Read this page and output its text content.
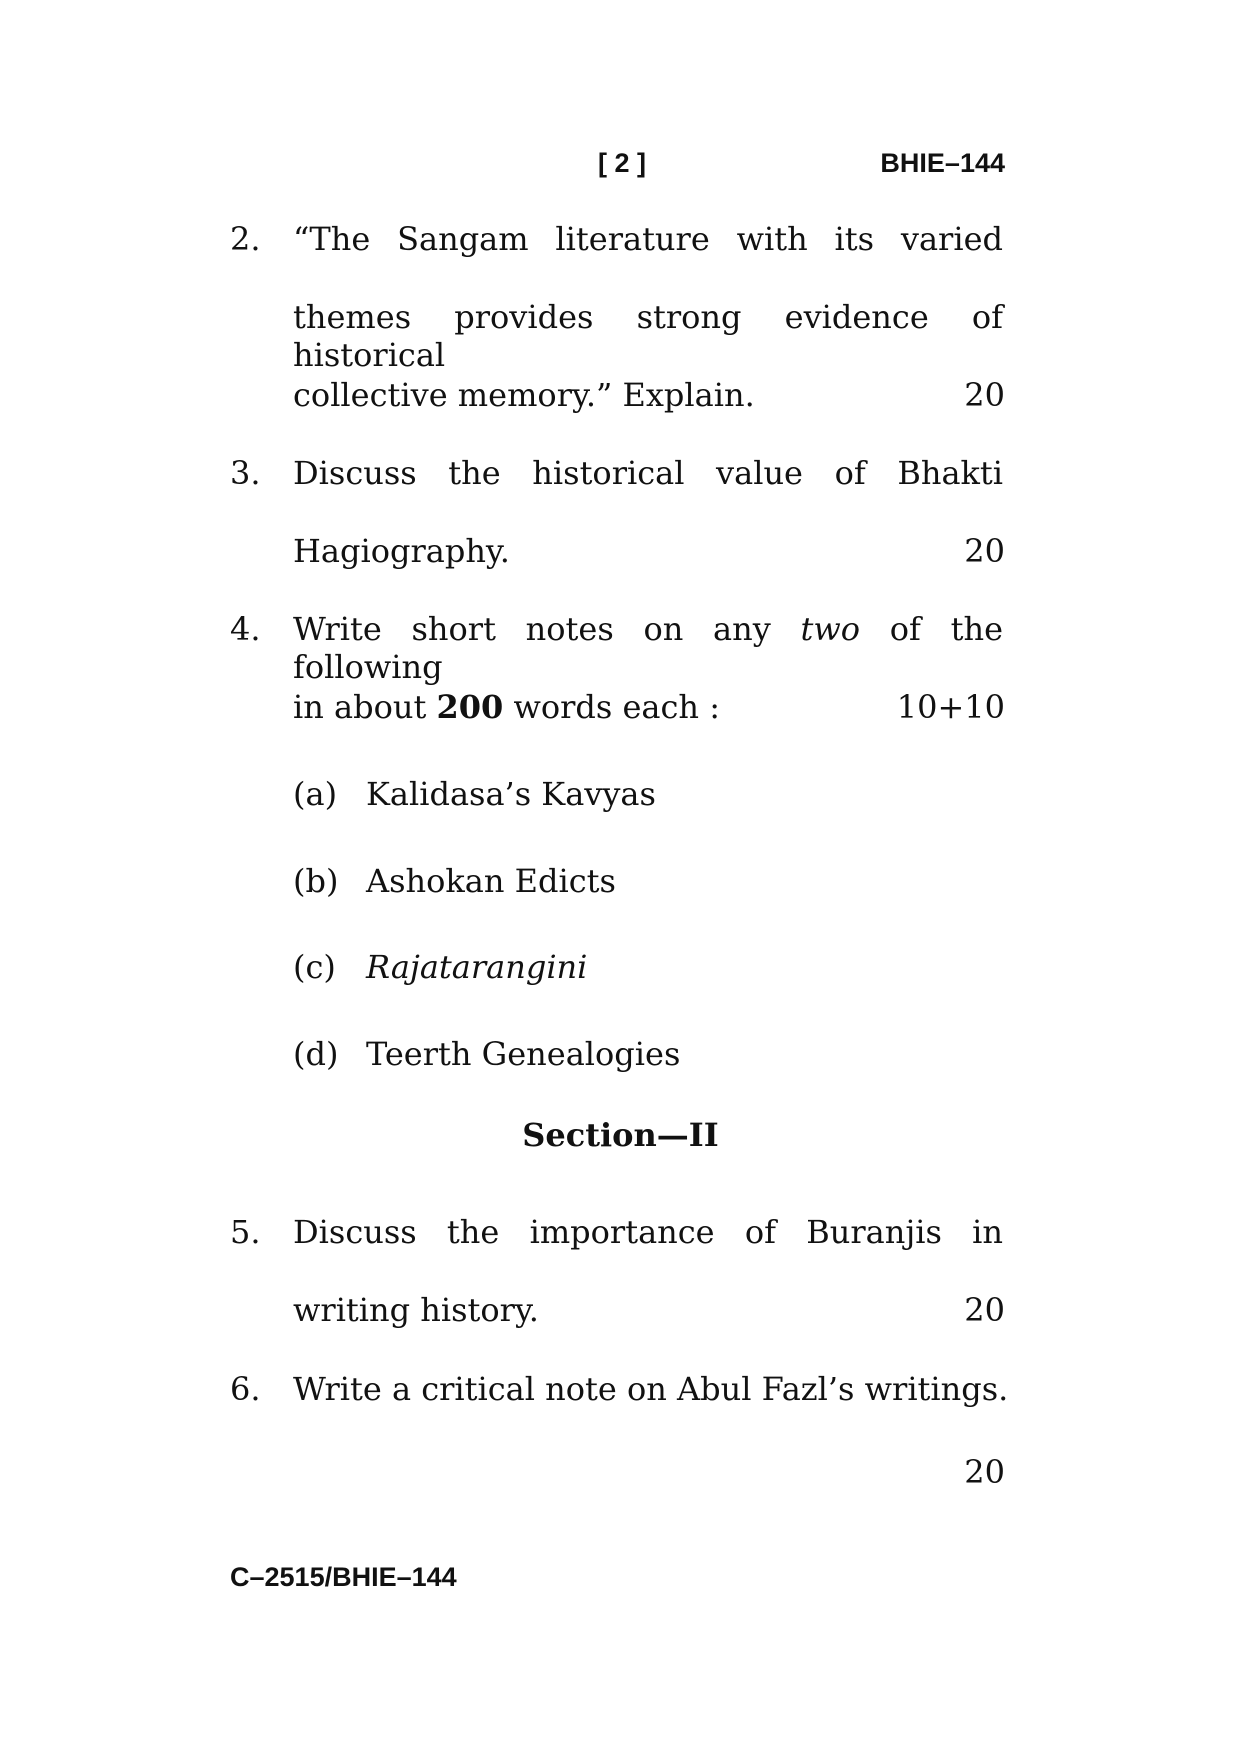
[ 2 ]	BHIE–144
2. “The Sangam literature with its varied
themes provides strong evidence of historical
collective memory.” Explain.	20
3. Discuss the historical value of Bhakti
Hagiography.	20
4. Write short notes on any two of the following
in about 200 words each :	10+10
(a) Kalidasa’s Kavyas
(b) Ashokan Edicts
(c) Rajatarangini
(d) Teerth Genealogies
Section—II
5. Discuss the importance of Buranjis in
writing history.	20
6. Write a critical note on Abul Fazl’s writings.
20
C–2515/BHIE–144
